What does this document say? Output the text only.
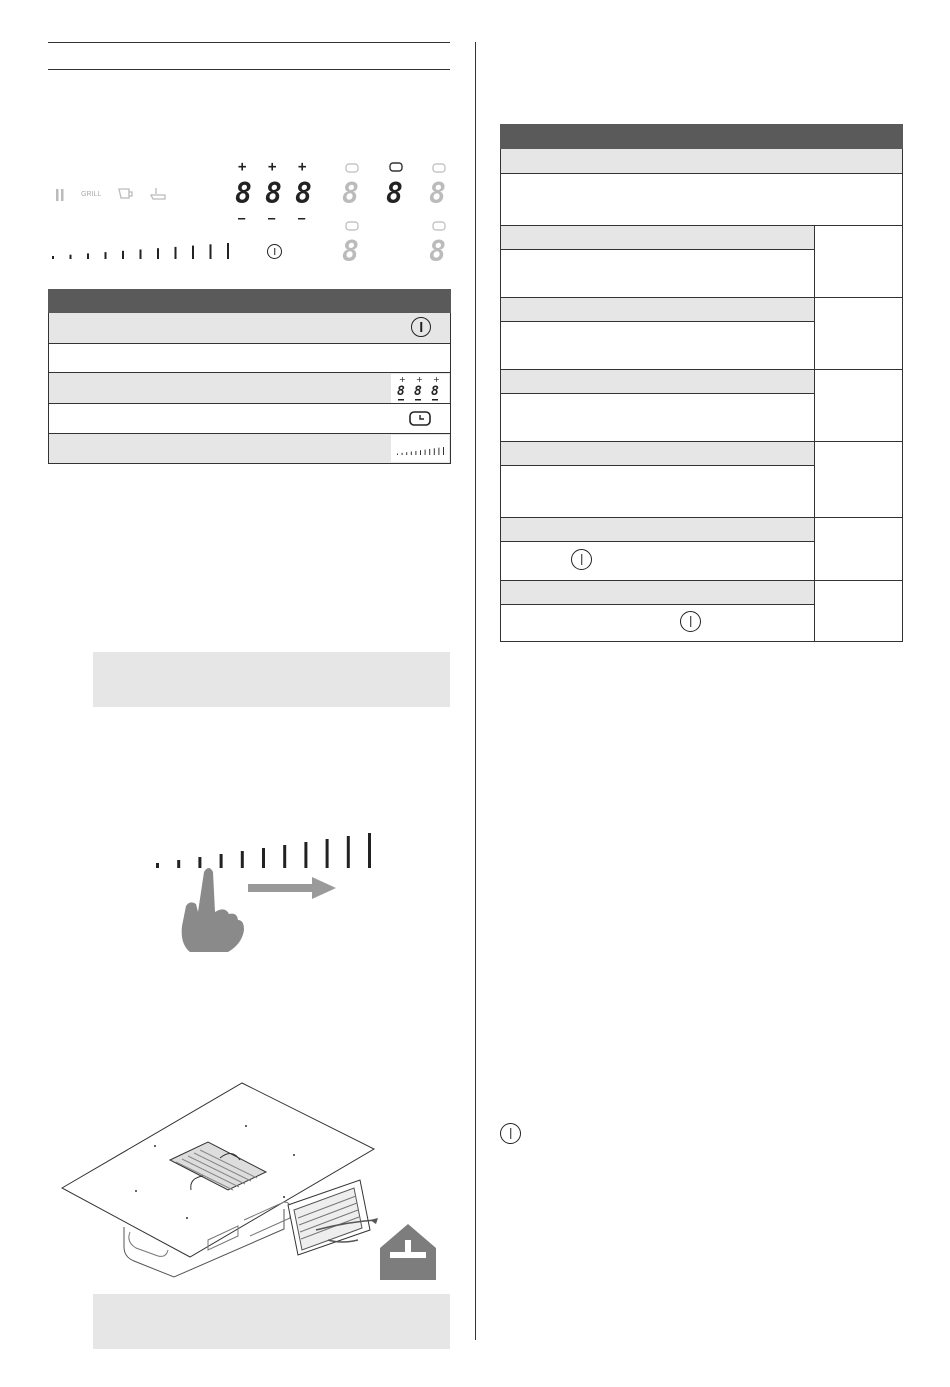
GRILL
+ + +
8 8 8
– – –
8 8 8
8	8
+ + +
8 8 8
